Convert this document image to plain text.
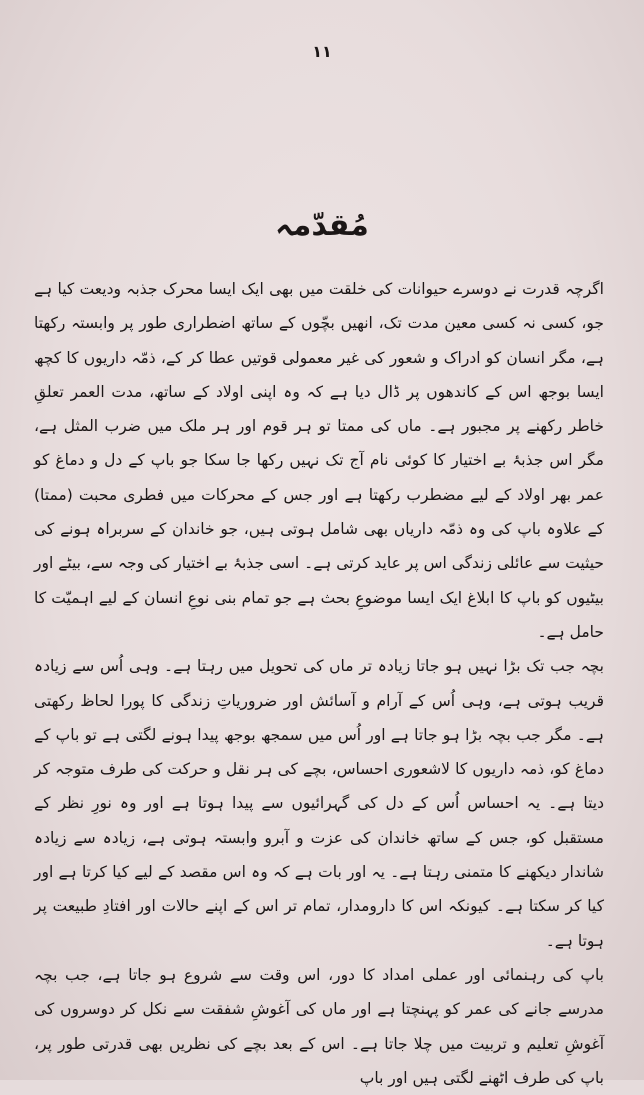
١١
مُقدّمہ

اگرچہ قدرت نے دوسرے حیوانات کی خلقت میں بھی ایک ایسا محرک جذبہ ودیعت کیا ہے جو، کسی نہ کسی معین مدت تک، انھیں بچّوں کے ساتھ اضطراری طور پر وابستہ رکھتا ہے، مگر انسان کو ادراک و شعور کی غیر معمولی قوتیں عطا کر کے، ذمّہ داریوں کا کچھ ایسا بوجھ اس کے کاندھوں پر ڈال دیا ہے کہ وہ اپنی اولاد کے ساتھ، مدت العمر تعلقِ خاطر رکھنے پر مجبور ہے۔ ماں کی ممتا تو ہر قوم اور ہر ملک میں ضرب المثل ہے، مگر اس جذبۂ بے اختیار کا کوئی نام آج تک نہیں رکھا جا سکا جو باپ کے دل و دماغ کو عمر بھر اولاد کے لیے مضطرب رکھتا ہے اور جس کے محرکات میں فطری محبت (ممتا) کے علاوہ باپ کی وہ ذمّہ داریاں بھی شامل ہوتی ہیں، جو خاندان کے سربراہ ہونے کی حیثیت سے عائلی زندگی اس پر عاید کرتی ہے۔ اسی جذبۂ بے اختیار کی وجہ سے، بیٹے اور بیٹیوں کو باپ کا ابلاغ ایک ایسا موضوعِ بحث ہے جو تمام بنی نوعِ انسان کے لیے اہمیّت کا حامل ہے۔

بچہ جب تک بڑا نہیں ہو جاتا زیادہ تر ماں کی تحویل میں رہتا ہے۔ وہی اُس سے زیادہ قریب ہوتی ہے، وہی اُس کے آرام و آسائش اور ضروریاتِ زندگی کا پورا لحاظ رکھتی ہے۔ مگر جب بچہ بڑا ہو جاتا ہے اور اُس میں سمجھ بوجھ پیدا ہونے لگتی ہے تو باپ کے دماغ کو، ذمہ داریوں کا لاشعوری احساس، بچے کی ہر نقل و حرکت کی طرف متوجہ کر دیتا ہے۔ یہ احساس اُس کے دل کی گہرائیوں سے پیدا ہوتا ہے اور وہ نورِ نظر کے مستقبل کو، جس کے ساتھ خاندان کی عزت و آبرو وابستہ ہوتی ہے، زیادہ سے زیادہ شاندار دیکھنے کا متمنی رہتا ہے۔ یہ اور بات ہے کہ وہ اس مقصد کے لیے کیا کرتا ہے اور کیا کر سکتا ہے۔ کیونکہ اس کا دارومدار، تمام تر اس کے اپنے حالات اور افتادِ طبیعت پر ہوتا ہے۔

باپ کی رہنمائی اور عملی امداد کا دور، اس وقت سے شروع ہو جاتا ہے، جب بچہ مدرسے جانے کی عمر کو پہنچتا ہے اور ماں کی آغوشِ شفقت سے نکل کر دوسروں کی آغوشِ تعلیم و تربیت میں چلا جاتا ہے۔ اس کے بعد بچے کی نظریں بھی قدرتی طور پر، باپ کی طرف اٹھنے لگتی ہیں اور باپ
